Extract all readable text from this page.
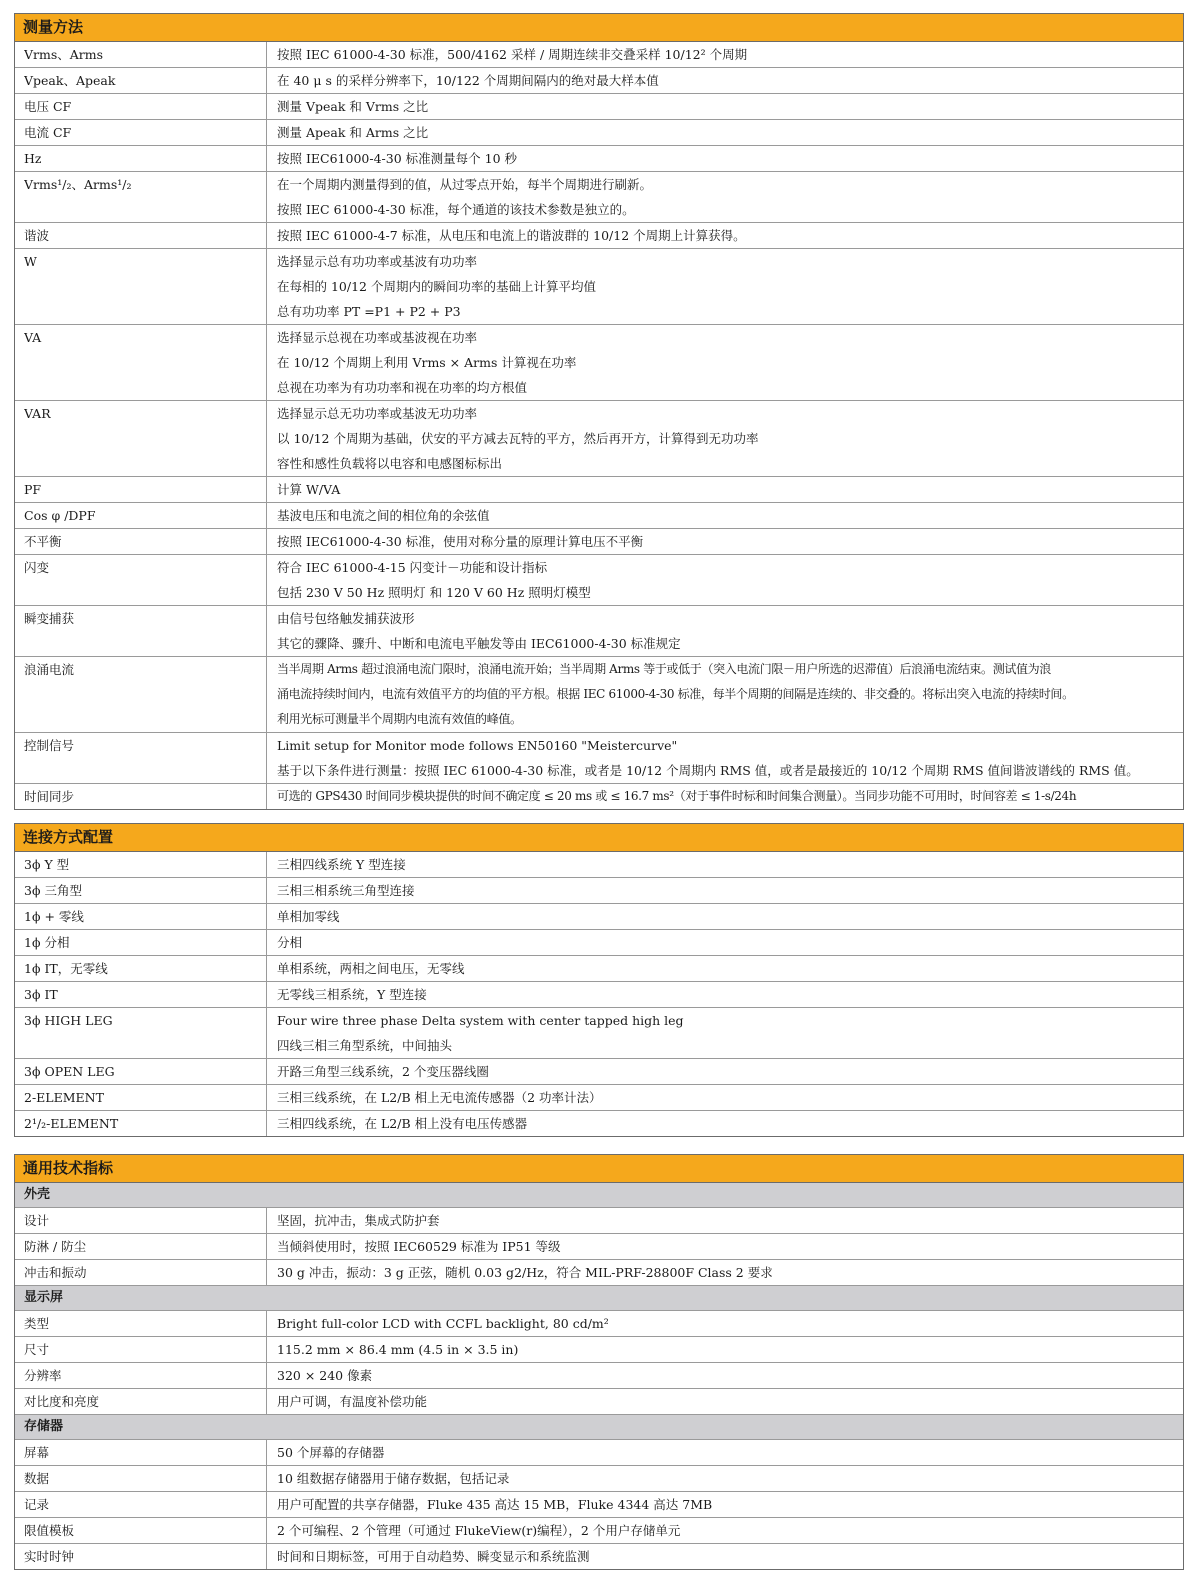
测量方法
Vrms、Arms	按照 IEC 61000-4-30 标准，500/4162 采样 / 周期连续非交叠采样 10/12² 个周期
Vpeak、Apeak	在 40 μ s 的采样分辨率下，10/122 个周期间隔内的绝对最大样本值
电压 CF	测量 Vpeak 和 Vrms 之比
电流 CF	测量 Apeak 和 Arms 之比
Hz	按照 IEC61000-4-30 标准测量每个 10 秒
Vrms¹/₂、Arms¹/₂	在一个周期内测量得到的值，从过零点开始，每半个周期进行刷新。
按照 IEC 61000-4-30 标准，每个通道的该技术参数是独立的。
谐波	按照 IEC 61000-4-7 标准，从电压和电流上的谐波群的 10/12 个周期上计算获得。
W	选择显示总有功功率或基波有功功率
在每相的 10/12 个周期内的瞬间功率的基础上计算平均值
总有功功率 PT =P1 + P2 + P3
VA	选择显示总视在功率或基波视在功率
在 10/12 个周期上利用 Vrms × Arms 计算视在功率
总视在功率为有功功率和视在功率的均方根值
VAR	选择显示总无功功率或基波无功功率
以 10/12 个周期为基础，伏安的平方减去瓦特的平方，然后再开方，计算得到无功功率
容性和感性负载将以电容和电感图标标出
PF	计算 W/VA
Cos φ /DPF	基波电压和电流之间的相位角的余弦值
不平衡	按照 IEC61000-4-30 标准，使用对称分量的原理计算电压不平衡
闪变	符合 IEC 61000-4-15 闪变计－功能和设计指标
包括 230 V 50 Hz 照明灯 和 120 V 60 Hz 照明灯模型
瞬变捕获	由信号包络触发捕获波形
其它的骤降、骤升、中断和电流电平触发等由 IEC61000-4-30 标准规定
浪涌电流	当半周期 Arms 超过浪涌电流门限时，浪涌电流开始；当半周期 Arms 等于或低于（突入电流门限－用户所选的迟滞值）后浪涌电流结束。测试值为浪
涌电流持续时间内，电流有效值平方的均值的平方根。根据 IEC 61000-4-30 标准，每半个周期的间隔是连续的、非交叠的。将标出突入电流的持续时间。
利用光标可测量半个周期内电流有效值的峰值。
控制信号	Limit setup for Monitor mode follows EN50160 "Meistercurve"
基于以下条件进行测量：按照 IEC 61000-4-30 标准，或者是 10/12 个周期内 RMS 值，或者是最接近的 10/12 个周期 RMS 值间谐波谱线的 RMS 值。
时间同步	可选的 GPS430 时间同步模块提供的时间不确定度 ≤ 20 ms 或 ≤ 16.7 ms²（对于事件时标和时间集合测量）。当同步功能不可用时，时间容差 ≤ 1-s/24h
连接方式配置
3ϕ Y 型	三相四线系统 Y 型连接
3ϕ 三角型	三相三相系统三角型连接
1ϕ + 零线	单相加零线
1ϕ 分相	分相
1ϕ IT，无零线	单相系统，两相之间电压，无零线
3ϕ IT	无零线三相系统，Y 型连接
3ϕ HIGH LEG	Four wire three phase Delta system with center tapped high leg
四线三相三角型系统，中间抽头
3ϕ OPEN LEG	开路三角型三线系统，2 个变压器线圈
2-ELEMENT	三相三线系统，在 L2/B 相上无电流传感器（2 功率计法）
2¹/₂-ELEMENT	三相四线系统，在 L2/B 相上没有电压传感器
通用技术指标
外壳
设计	坚固，抗冲击，集成式防护套
防淋 / 防尘	当倾斜使用时，按照 IEC60529 标准为 IP51 等级
冲击和振动	30 g 冲击，振动：3 g 正弦，随机 0.03 g2/Hz，符合 MIL-PRF-28800F Class 2 要求
显示屏
类型	Bright full-color LCD with CCFL backlight, 80 cd/m²
尺寸	115.2 mm × 86.4 mm (4.5 in × 3.5 in)
分辨率	320 × 240 像素
对比度和亮度	用户可调，有温度补偿功能
存储器
屏幕	50 个屏幕的存储器
数据	10 组数据存储器用于储存数据，包括记录
记录	用户可配置的共享存储器，Fluke 435 高达 15 MB，Fluke 4344 高达 7MB
限值模板	2 个可编程、2 个管理（可通过 FlukeView(r)编程），2 个用户存储单元
实时时钟	时间和日期标签，可用于自动趋势、瞬变显示和系统监测
